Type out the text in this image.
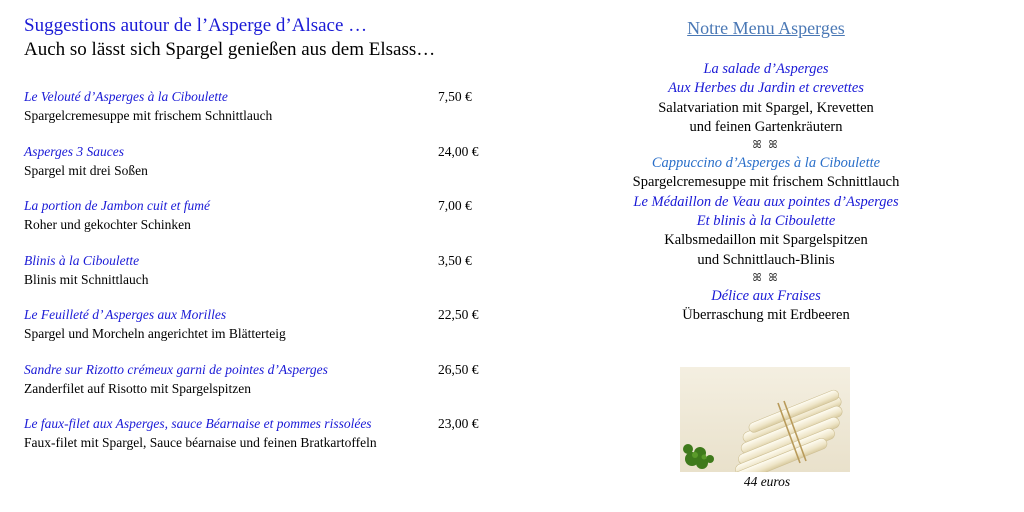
Suggestions autour de l’Asperge d’Alsace …
Auch so lässt sich Spargel genießen aus dem Elsass…
Le Velouté d’Asperges à la Ciboulette
Spargelcremesuppe mit frischem Schnittlauch
7,50 €
Asperges 3 Sauces
Spargel mit drei Soßen
24,00 €
La portion de Jambon cuit et fumé
Roher und gekochter Schinken
7,00 €
Blinis à la Ciboulette
Blinis mit Schnittlauch
3,50 €
Le Feuilleté d’ Asperges aux Morilles
Spargel und Morcheln angerichtet im Blätterteig
22,50 €
Sandre sur Rizotto crémeux garni de pointes d’Asperges
Zanderfilet auf Risotto mit Spargelspitzen
26,50 €
Le faux-filet aux Asperges, sauce Béarnaise et pommes rissolées
Faux-filet mit Spargel, Sauce béarnaise und feinen Bratkartoffeln
23,00 €
Notre Menu Asperges
La salade d’Asperges
Aux Herbes du Jardin et crevettes
Salatvariation mit Spargel, Krevetten
und feinen Gartenkräutern
ꕤ ꕤ
Cappuccino d’Asperges à la Ciboulette
Spargelcremesuppe mit frischem Schnittlauch
Le Médaillon de Veau aux pointes d’Asperges
Et blinis à la Ciboulette
Kalbsmedaillon mit Spargelspitzen
und Schnittlauch-Blinis
ꕤ ꕤ
Délice aux Fraises
Überraschung mit Erdbeeren
44 euros
